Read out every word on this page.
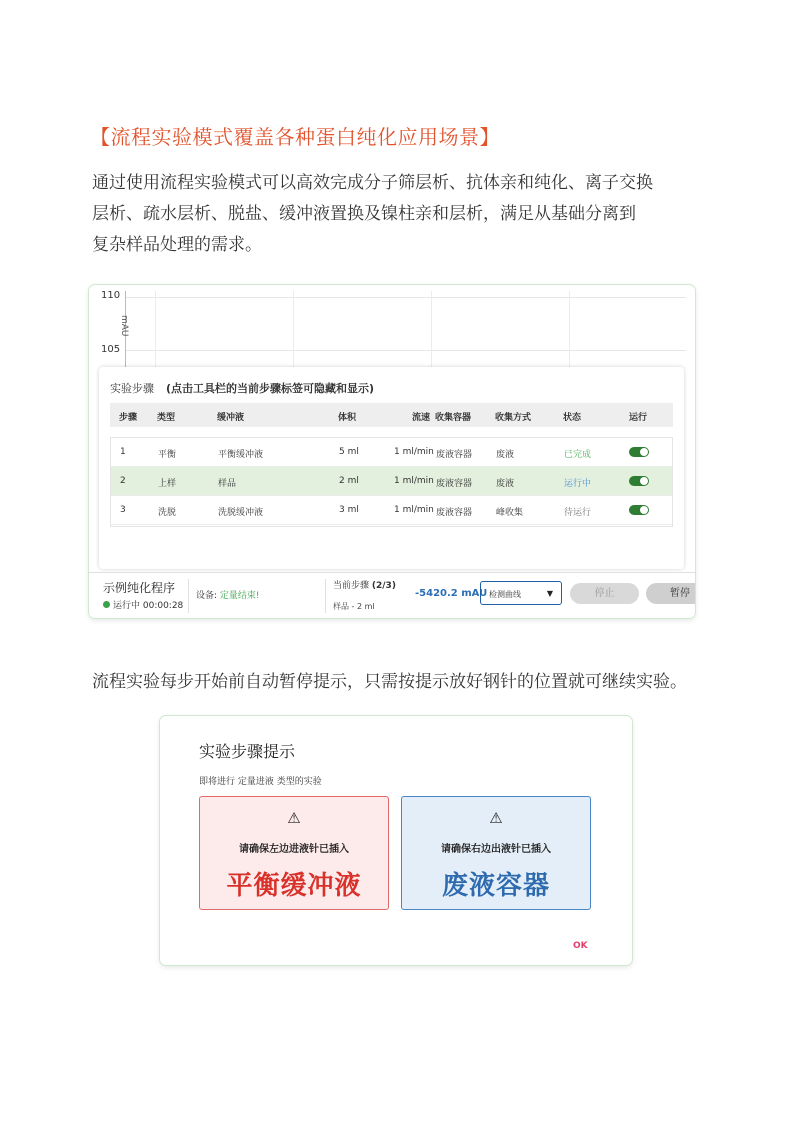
【流程实验模式覆盖各种蛋白纯化应用场景】

通过使用流程实验模式可以高效完成分子筛层析、抗体亲和纯化、离子交换

层析、疏水层析、脱盐、缓冲液置换及镍柱亲和层析，满足从基础分离到

复杂样品处理的需求。

110
105
mAU
实验步骤 (点击工具栏的当前步骤标签可隐藏和显示)
步骤 类型	缓冲液	体积	流速 收集容器	收集方式	状态	运行
1	平衡	平衡缓冲液	5 ml	1 ml/min 废液容器	废液	已完成
2	上样	样品	2 ml	1 ml/min 废液容器	废液	运行中
3	洗脱	洗脱缓冲液	3 ml	1 ml/min 废液容器	峰收集	待运行
示例纯化程序
运行中 00:00:28
设备: 定量结束!
当前步骤 (2/3)
样品 - 2 ml
-5420.2 mAU 检测曲线	▼	停止	暂停
流程实验每步开始前自动暂停提示，只需按提示放好钢针的位置就可继续实验。
实验步骤提示
即将进行 定量进液 类型的实验
⚠
请确保左边进液针已插入
平衡缓冲液
⚠
请确保右边出液针已插入
废液容器
OK
